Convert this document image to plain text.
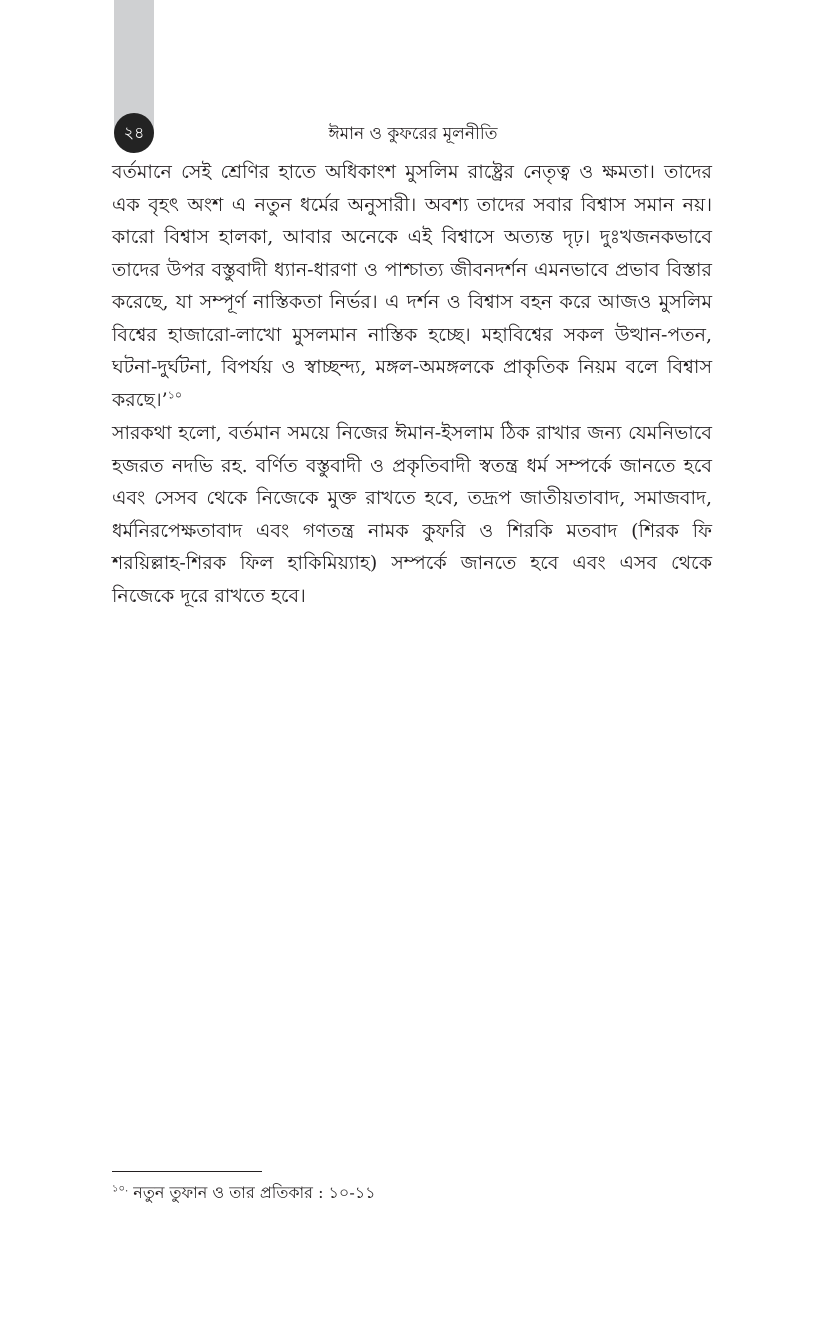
২৪	ঈমান ও কুফরের মূলনীতি

বর্তমানে সেই শ্রেণির হাতে অধিকাংশ মুসলিম রাষ্ট্রের নেতৃত্ব ও ক্ষমতা। তাদের এক বৃহৎ অংশ এ নতুন ধর্মের অনুসারী। অবশ্য তাদের সবার বিশ্বাস সমান নয়। কারো বিশ্বাস হালকা, আবার অনেকে এই বিশ্বাসে অত্যন্ত দৃঢ়। দুঃখজনকভাবে তাদের উপর বস্তুবাদী ধ্যান-ধারণা ও পাশ্চাত্য জীবনদর্শন এমনভাবে প্রভাব বিস্তার করেছে, যা সম্পূর্ণ নাস্তিকতা নির্ভর। এ দর্শন ও বিশ্বাস বহন করে আজও মুসলিম বিশ্বের হাজারো-লাখো মুসলমান নাস্তিক হচ্ছে। মহাবিশ্বের সকল উত্থান-পতন, ঘটনা-দুর্ঘটনা, বিপর্যয় ও স্বাচ্ছন্দ্য, মঙ্গল-অমঙ্গলকে প্রাকৃতিক নিয়ম বলে বিশ্বাস করছে।’$^{১০}$

সারকথা হলো, বর্তমান সময়ে নিজের ঈমান-ইসলাম ঠিক রাখার জন্য যেমনিভাবে হজরত নদভি রহ. বর্ণিত বস্তুবাদী ও প্রকৃতিবাদী স্বতন্ত্র ধর্ম সম্পর্কে জানতে হবে এবং সেসব থেকে নিজেকে মুক্ত রাখতে হবে, তদ্রূপ জাতীয়তাবাদ, সমাজবাদ, ধর্মনিরপেক্ষতাবাদ এবং গণতন্ত্র নামক কুফরি ও শিরকি মতবাদ (শিরক ফি শরয়িল্লাহ-শিরক ফিল হাকিমিয়্যাহ) সম্পর্কে জানতে হবে এবং এসব থেকে নিজেকে দূরে রাখতে হবে।

$^{১০.}$ নতুন তুফান ও তার প্রতিকার : ১০-১১
